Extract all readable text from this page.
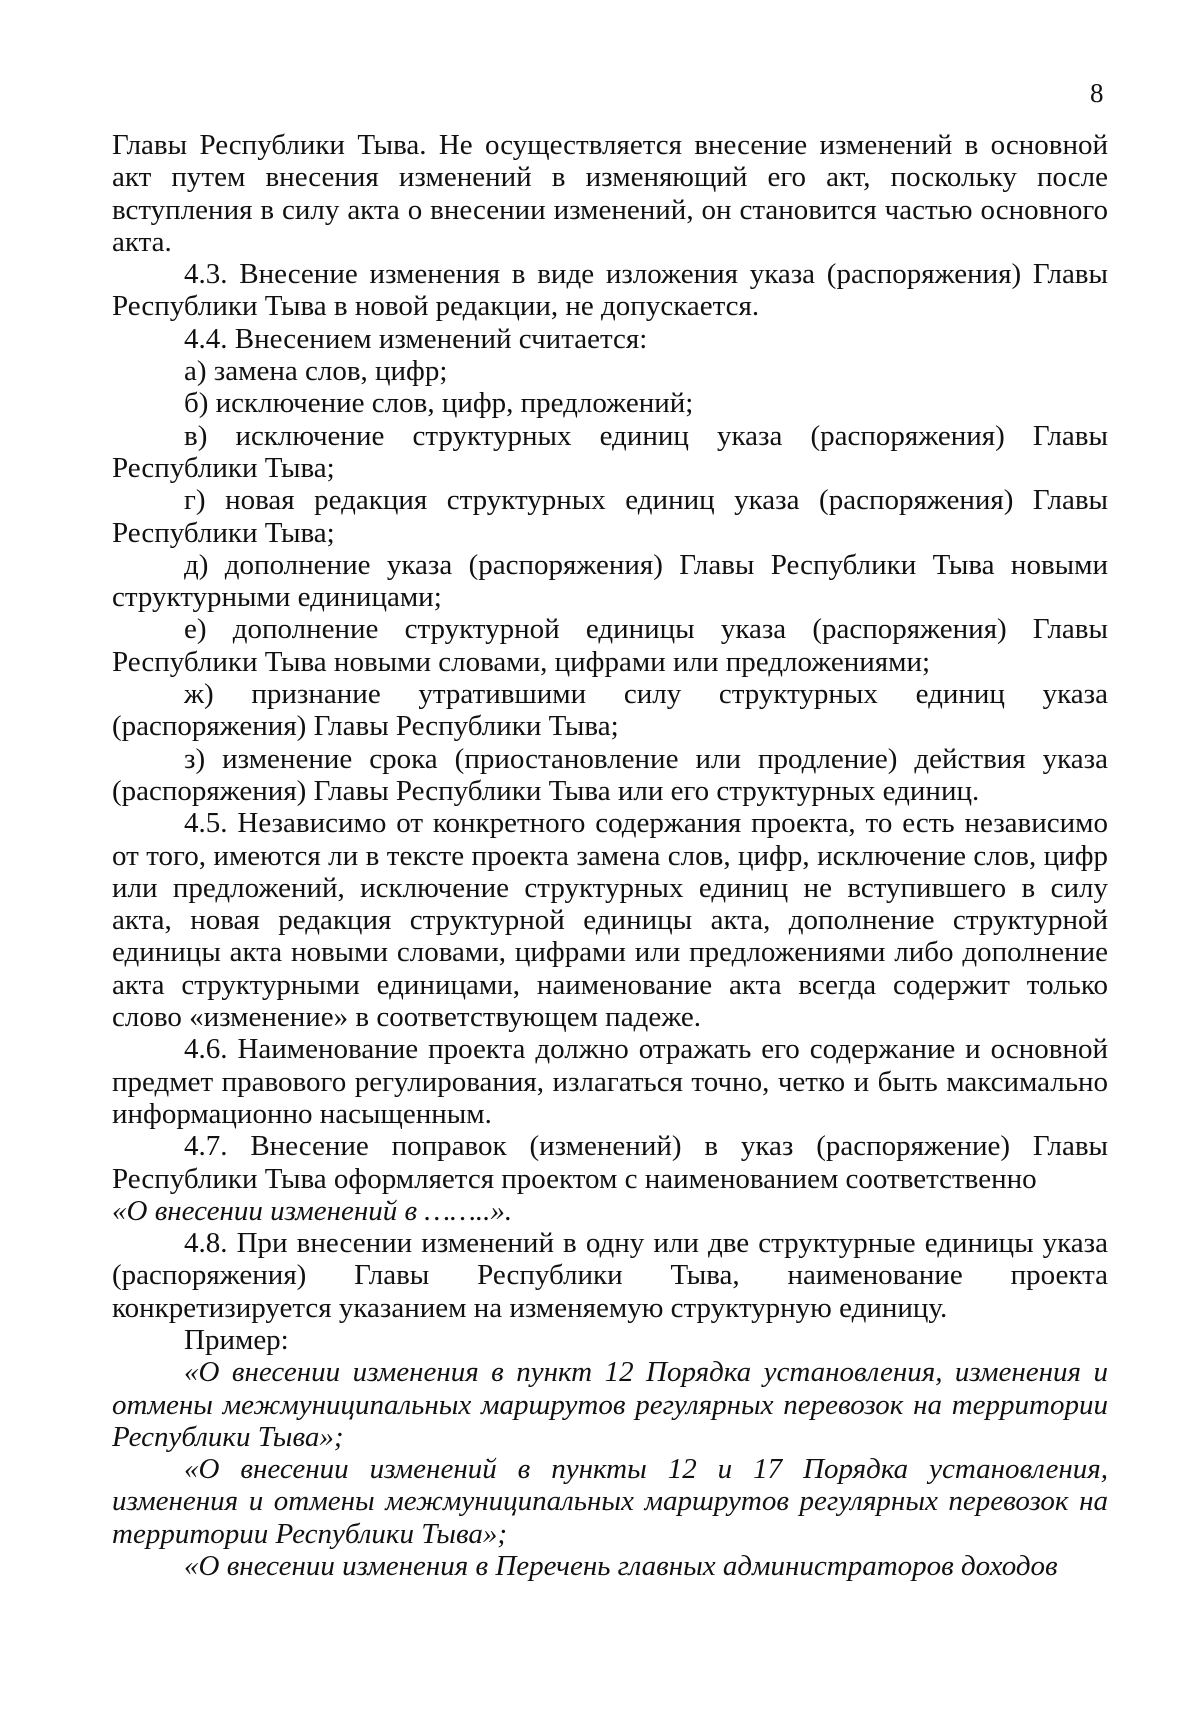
8

Главы Республики Тыва. Не осуществляется внесение изменений в основной акт путем внесения изменений в изменяющий его акт, поскольку после вступления в силу акта о внесении изменений, он становится частью основного акта.

4.3. Внесение изменения в виде изложения указа (распоряжения) Главы Республики Тыва в новой редакции, не допускается.

4.4. Внесением изменений считается:

а) замена слов, цифр;

б) исключение слов, цифр, предложений;

в) исключение структурных единиц указа (распоряжения) Главы Республики Тыва;

г) новая редакция структурных единиц указа (распоряжения) Главы Республики Тыва;

д) дополнение указа (распоряжения) Главы Республики Тыва новыми структурными единицами;

е) дополнение структурной единицы указа (распоряжения) Главы Республики Тыва новыми словами, цифрами или предложениями;

ж) признание утратившими силу структурных единиц указа (распоряжения) Главы Республики Тыва;

з) изменение срока (приостановление или продление) действия указа (распоряжения) Главы Республики Тыва или его структурных единиц.

4.5. Независимо от конкретного содержания проекта, то есть независимо от того, имеются ли в тексте проекта замена слов, цифр, исключение слов, цифр или предложений, исключение структурных единиц не вступившего в силу акта, новая редакция структурной единицы акта, дополнение структурной единицы акта новыми словами, цифрами или предложениями либо дополнение акта структурными единицами, наименование акта всегда содержит только слово «изменение» в соответствующем падеже.

4.6. Наименование проекта должно отражать его содержание и основной предмет правового регулирования, излагаться точно, четко и быть максимально информационно насыщенным.

4.7. Внесение поправок (изменений) в указ (распоряжение) Главы Республики Тыва оформляется проектом с наименованием соответственно

«О внесении изменений в ……..».

4.8. При внесении изменений в одну или две структурные единицы указа (распоряжения) Главы Республики Тыва, наименование проекта конкретизируется указанием на изменяемую структурную единицу.

Пример:

«О внесении изменения в пункт 12 Порядка установления, изменения и отмены межмуниципальных маршрутов регулярных перевозок на территории Республики Тыва»;

«О внесении изменений в пункты 12 и 17 Порядка установления, изменения и отмены межмуниципальных маршрутов регулярных перевозок на территории Республики Тыва»;

«О внесении изменения в Перечень главных администраторов доходов
